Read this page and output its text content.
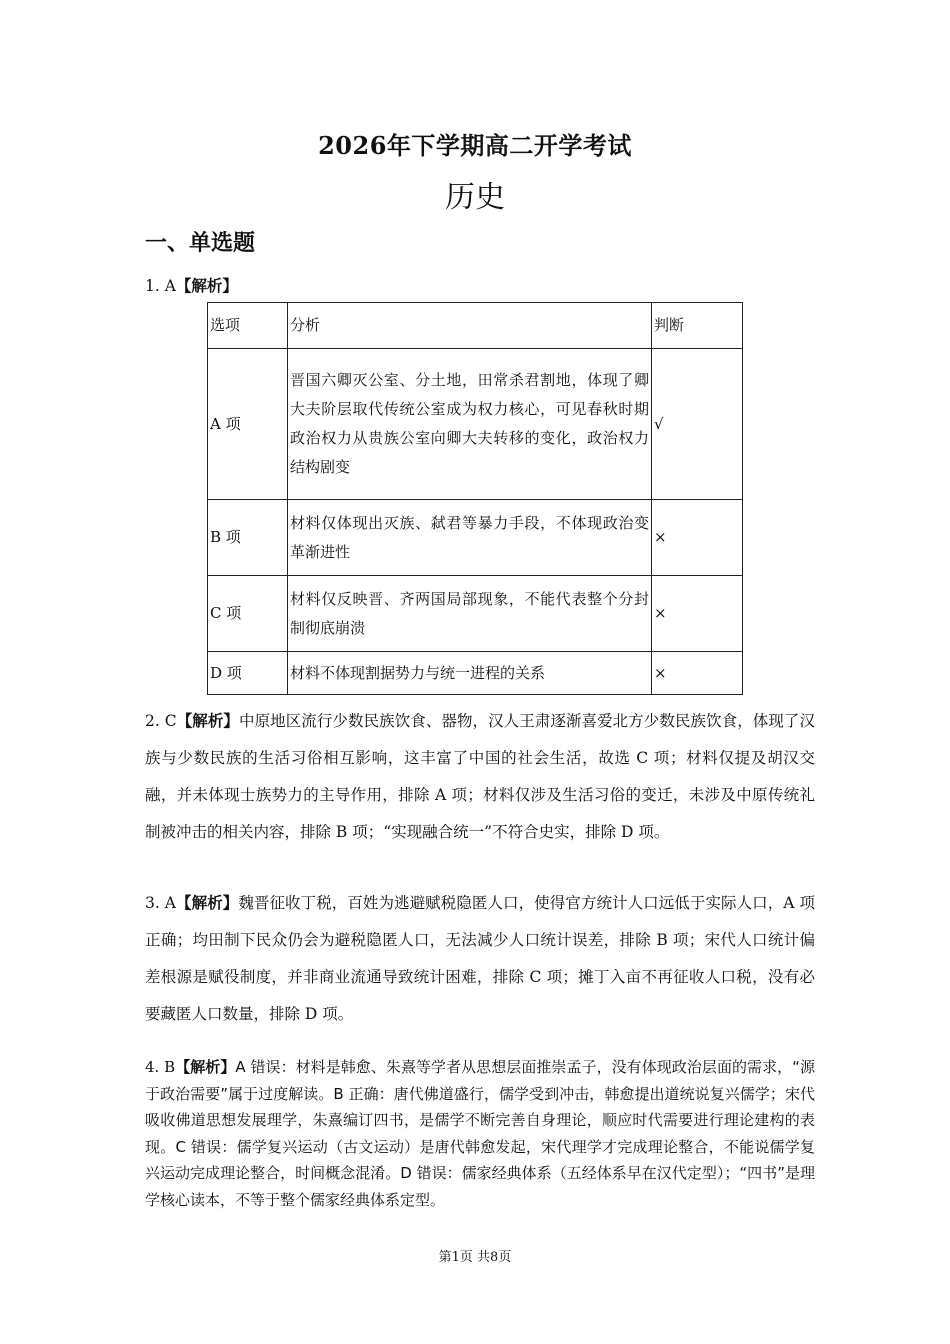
2026年下学期高二开学考试
历史
一、单选题
1. A【解析】
选项	分析	判断
A 项	晋国六卿灭公室、分土地，田常杀君割地，体现了卿大夫阶层取代传统公室成为权力核心，可见春秋时期政治权力从贵族公室向卿大夫转移的变化，政治权力结构剧变	√
B 项	材料仅体现出灭族、弑君等暴力手段，不体现政治变革渐进性	×
C 项	材料仅反映晋、齐两国局部现象，不能代表整个分封制彻底崩溃	×
D 项	材料不体现割据势力与统一进程的关系	×

2. C【解析】中原地区流行少数民族饮食、器物，汉人王肃逐渐喜爱北方少数民族饮食，体现了汉族与少数民族的生活习俗相互影响，这丰富了中国的社会生活，故选 C 项；材料仅提及胡汉交融，并未体现士族势力的主导作用，排除 A 项；材料仅涉及生活习俗的变迁，未涉及中原传统礼制被冲击的相关内容，排除 B 项；“实现融合统一”不符合史实，排除 D 项。

3. A【解析】魏晋征收丁税，百姓为逃避赋税隐匿人口，使得官方统计人口远低于实际人口，A 项正确；均田制下民众仍会为避税隐匿人口，无法减少人口统计误差，排除 B 项；宋代人口统计偏差根源是赋役制度，并非商业流通导致统计困难，排除 C 项；摊丁入亩不再征收人口税，没有必要藏匿人口数量，排除 D 项。

4. B【解析】A 错误：材料是韩愈、朱熹等学者从思想层面推崇孟子，没有体现政治层面的需求，“源于政治需要”属于过度解读。B 正确：唐代佛道盛行，儒学受到冲击，韩愈提出道统说复兴儒学；宋代吸收佛道思想发展理学，朱熹编订四书，是儒学不断完善自身理论，顺应时代需要进行理论建构的表现。C 错误：儒学复兴运动（古文运动）是唐代韩愈发起，宋代理学才完成理论整合，不能说儒学复兴运动完成理论整合，时间概念混淆。D 错误：儒家经典体系（五经体系早在汉代定型）；“四书”是理学核心读本，不等于整个儒家经典体系定型。

第1页 共8页
